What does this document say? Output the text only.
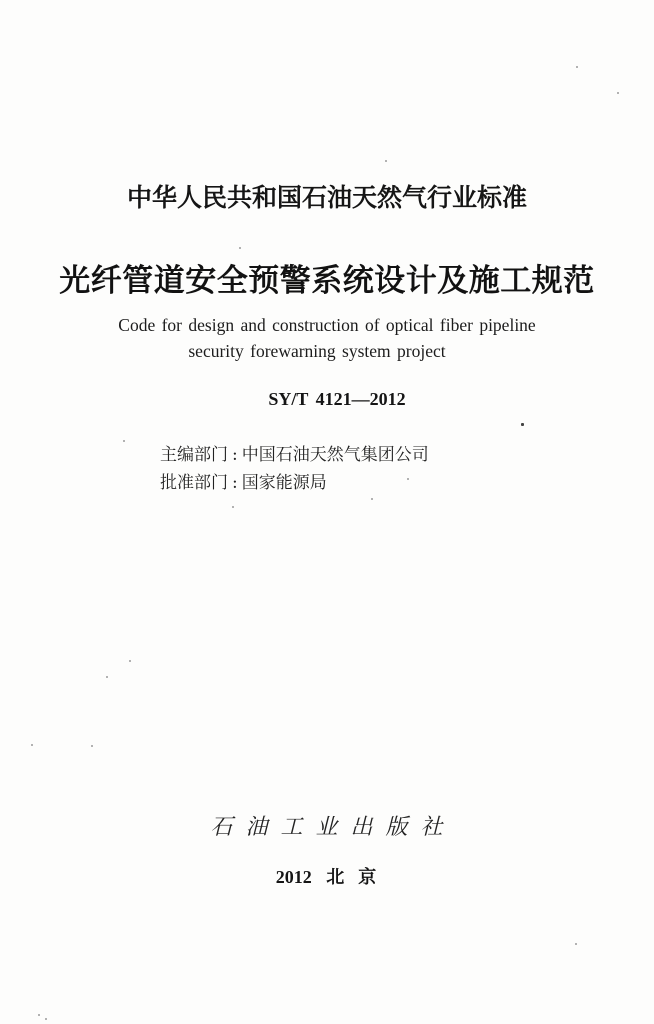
中华人民共和国石油天然气行业标准
光纤管道安全预警系统设计及施工规范
Code for design and construction of optical fiber pipeline
security forewarning system project
SY/T 4121—2012
主编部门 : 中国石油天然气集团公司
批准部门 : 国家能源局
石油工业出版社
2012 北京
